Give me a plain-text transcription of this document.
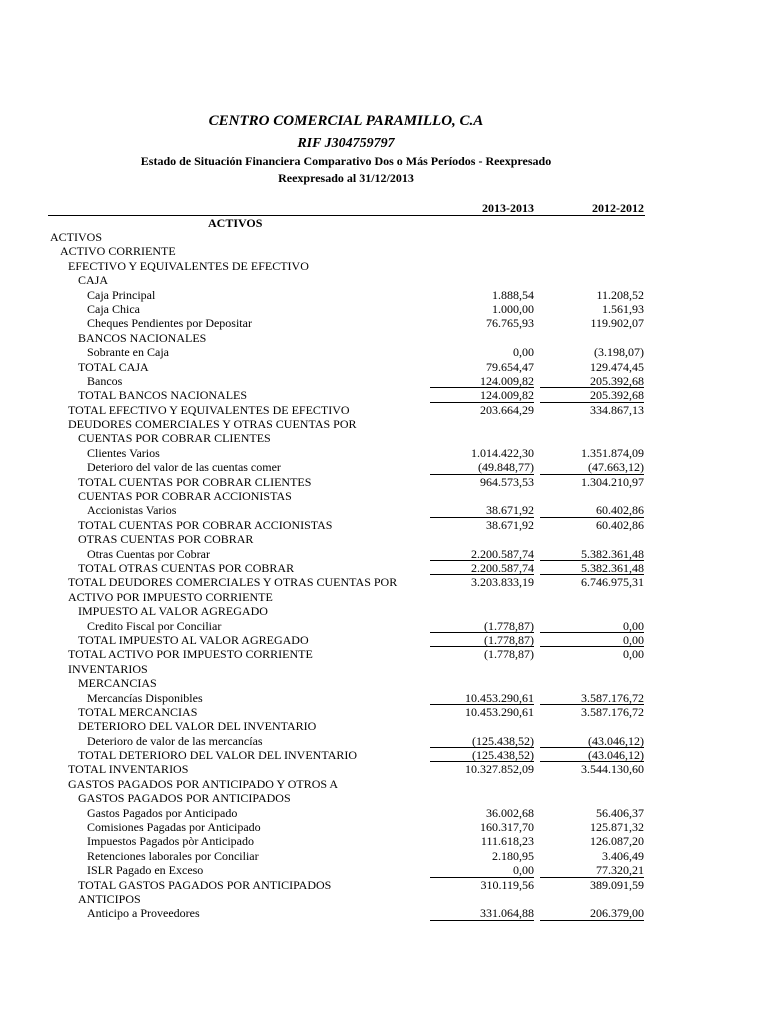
CENTRO COMERCIAL PARAMILLO, C.A
RIF J304759797
Estado de Situación Financiera Comparativo Dos o Más Períodos - Reexpresado
Reexpresado al 31/12/2013
2013-2013	2012-2012
ACTIVOS
ACTIVOS
ACTIVO CORRIENTE
EFECTIVO Y EQUIVALENTES DE EFECTIVO
CAJA
Caja Principal	1.888,54	11.208,52
Caja Chica	1.000,00	1.561,93
Cheques Pendientes por Depositar	76.765,93	119.902,07
BANCOS NACIONALES
Sobrante en Caja	0,00	(3.198,07)
TOTAL CAJA	79.654,47	129.474,45
Bancos	124.009,82	205.392,68
TOTAL BANCOS NACIONALES	124.009,82	205.392,68
TOTAL EFECTIVO Y EQUIVALENTES DE EFECTIVO	203.664,29	334.867,13
DEUDORES COMERCIALES Y OTRAS CUENTAS POR
CUENTAS POR COBRAR CLIENTES
Clientes Varios	1.014.422,30	1.351.874,09
Deterioro del valor de las cuentas comer	(49.848,77)	(47.663,12)
TOTAL CUENTAS POR COBRAR CLIENTES	964.573,53	1.304.210,97
CUENTAS POR COBRAR ACCIONISTAS
Accionistas Varios	38.671,92	60.402,86
TOTAL CUENTAS POR COBRAR ACCIONISTAS	38.671,92	60.402,86
OTRAS CUENTAS POR COBRAR
Otras Cuentas por Cobrar	2.200.587,74	5.382.361,48
TOTAL OTRAS CUENTAS POR COBRAR	2.200.587,74	5.382.361,48
TOTAL DEUDORES COMERCIALES Y OTRAS CUENTAS POR	3.203.833,19	6.746.975,31
ACTIVO POR IMPUESTO CORRIENTE
IMPUESTO AL VALOR AGREGADO
Credito Fiscal por Conciliar	(1.778,87)	0,00
TOTAL IMPUESTO AL VALOR AGREGADO	(1.778,87)	0,00
TOTAL ACTIVO POR IMPUESTO CORRIENTE	(1.778,87)	0,00
INVENTARIOS
MERCANCIAS
Mercancías Disponibles	10.453.290,61	3.587.176,72
TOTAL MERCANCIAS	10.453.290,61	3.587.176,72
DETERIORO DEL VALOR DEL INVENTARIO
Deterioro de valor de las mercancías	(125.438,52)	(43.046,12)
TOTAL DETERIORO DEL VALOR DEL INVENTARIO	(125.438,52)	(43.046,12)
TOTAL INVENTARIOS	10.327.852,09	3.544.130,60
GASTOS PAGADOS POR ANTICIPADO Y OTROS A
GASTOS PAGADOS POR ANTICIPADOS
Gastos Pagados por Anticipado	36.002,68	56.406,37
Comisiones Pagadas por Anticipado	160.317,70	125.871,32
Impuestos Pagados pòr Anticipado	111.618,23	126.087,20
Retenciones laborales por Conciliar	2.180,95	3.406,49
ISLR Pagado en Exceso	0,00	77.320,21
TOTAL GASTOS PAGADOS POR ANTICIPADOS	310.119,56	389.091,59
ANTICIPOS
Anticipo a Proveedores	331.064,88	206.379,00
